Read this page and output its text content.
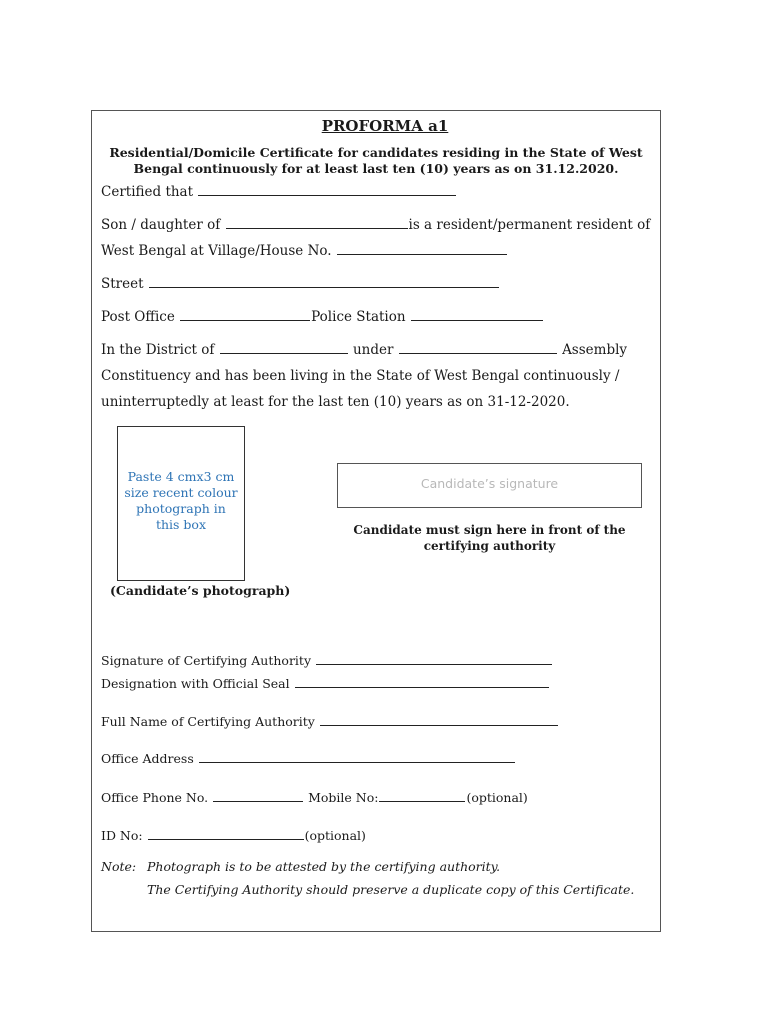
PROFORMA a1
Residential/Domicile Certificate for candidates residing in the State of West
Bengal continuously for at least last ten (10) years as on 31.12.2020.
Certified that
Son / daughter of	is a resident/permanent resident of
West Bengal at Village/House No.
Street
Post Office	Police Station
In the District of	under	Assembly
Constituency and has been living in the State of West Bengal continuously /
uninterruptedly at least for the last ten (10) years as on 31-12-2020.
Paste 4 cmx3 cm size recent colour photograph in this box
(Candidate’s photograph)
Candidate’s signature
Candidate must sign here in front of the certifying authority
Signature of Certifying Authority
Designation with Official Seal
Full Name of Certifying Authority
Office Address
Office Phone No.	Mobile No:	(optional)
ID No:	(optional)
Note: Photograph is to be attested by the certifying authority.
The Certifying Authority should preserve a duplicate copy of this Certificate.
